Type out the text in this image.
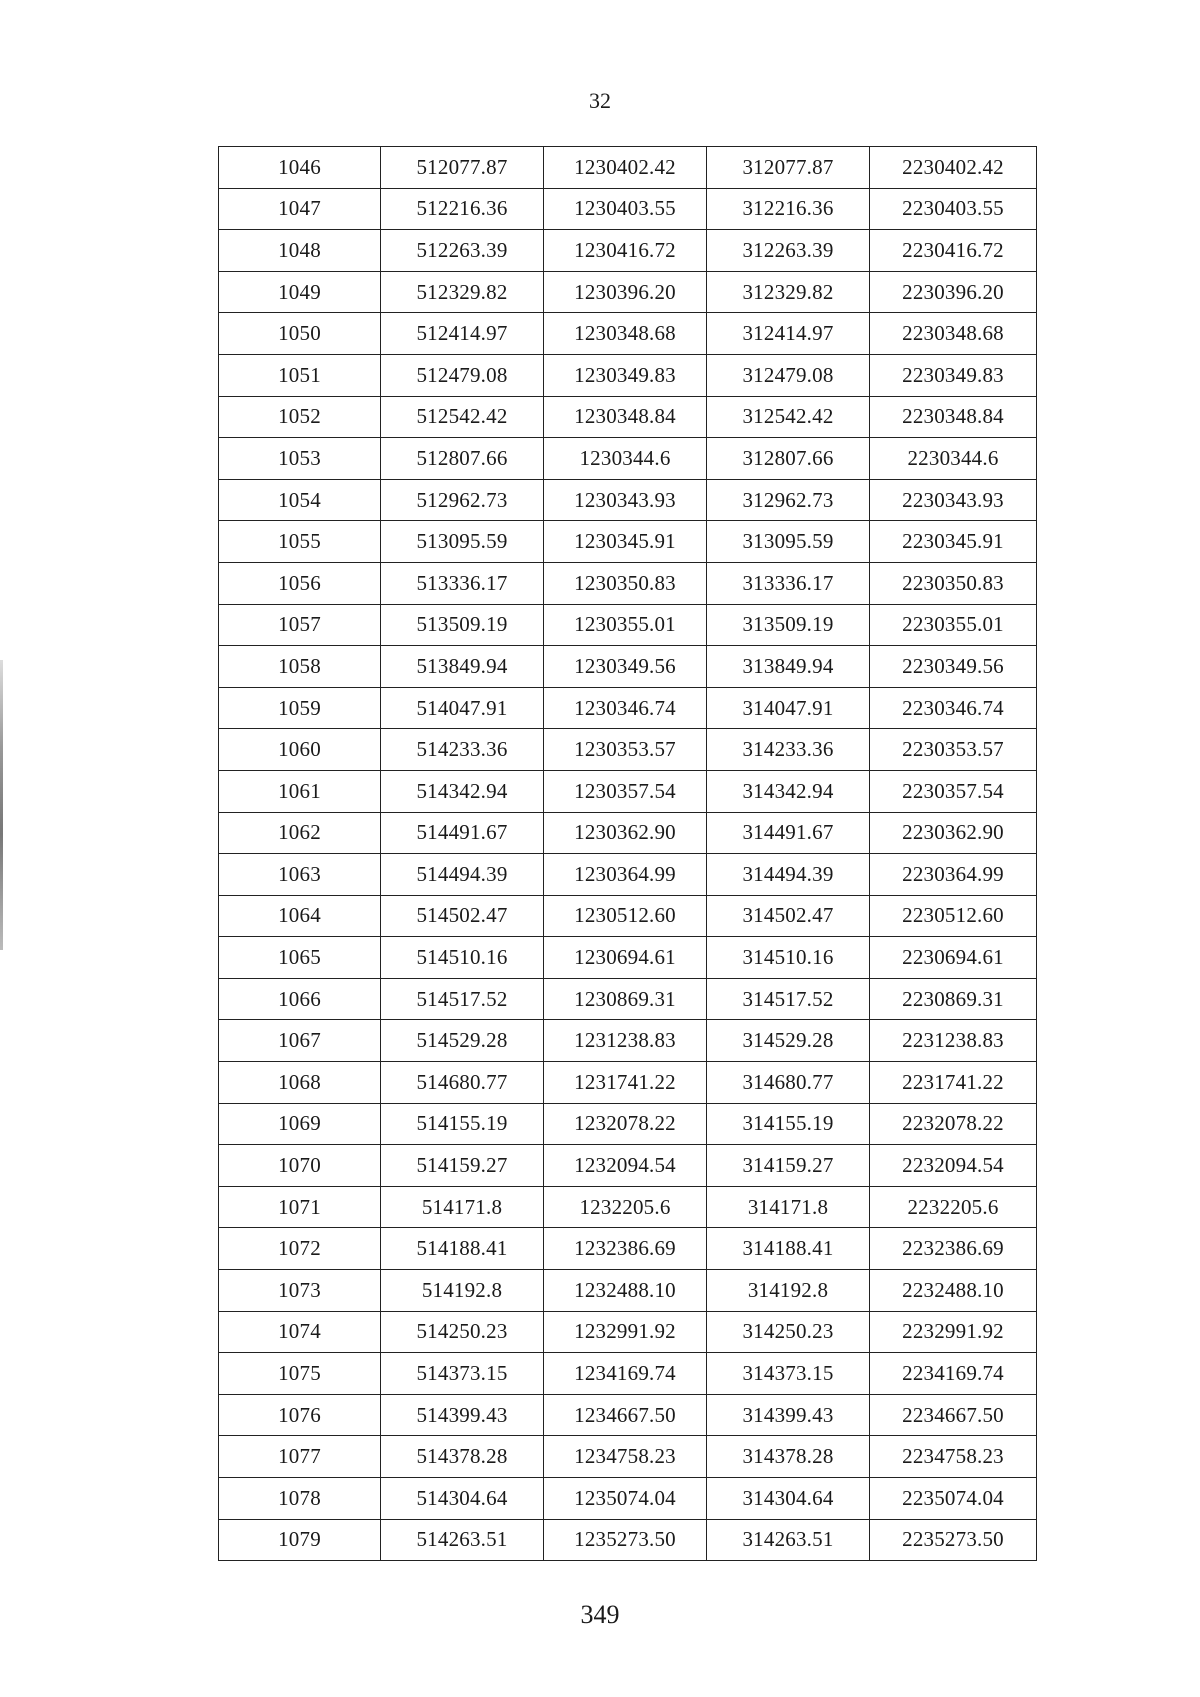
32
1046	512077.87	1230402.42	312077.87	2230402.42
1047	512216.36	1230403.55	312216.36	2230403.55
1048	512263.39	1230416.72	312263.39	2230416.72
1049	512329.82	1230396.20	312329.82	2230396.20
1050	512414.97	1230348.68	312414.97	2230348.68
1051	512479.08	1230349.83	312479.08	2230349.83
1052	512542.42	1230348.84	312542.42	2230348.84
1053	512807.66	1230344.6	312807.66	2230344.6
1054	512962.73	1230343.93	312962.73	2230343.93
1055	513095.59	1230345.91	313095.59	2230345.91
1056	513336.17	1230350.83	313336.17	2230350.83
1057	513509.19	1230355.01	313509.19	2230355.01
1058	513849.94	1230349.56	313849.94	2230349.56
1059	514047.91	1230346.74	314047.91	2230346.74
1060	514233.36	1230353.57	314233.36	2230353.57
1061	514342.94	1230357.54	314342.94	2230357.54
1062	514491.67	1230362.90	314491.67	2230362.90
1063	514494.39	1230364.99	314494.39	2230364.99
1064	514502.47	1230512.60	314502.47	2230512.60
1065	514510.16	1230694.61	314510.16	2230694.61
1066	514517.52	1230869.31	314517.52	2230869.31
1067	514529.28	1231238.83	314529.28	2231238.83
1068	514680.77	1231741.22	314680.77	2231741.22
1069	514155.19	1232078.22	314155.19	2232078.22
1070	514159.27	1232094.54	314159.27	2232094.54
1071	514171.8	1232205.6	314171.8	2232205.6
1072	514188.41	1232386.69	314188.41	2232386.69
1073	514192.8	1232488.10	314192.8	2232488.10
1074	514250.23	1232991.92	314250.23	2232991.92
1075	514373.15	1234169.74	314373.15	2234169.74
1076	514399.43	1234667.50	314399.43	2234667.50
1077	514378.28	1234758.23	314378.28	2234758.23
1078	514304.64	1235074.04	314304.64	2235074.04
1079	514263.51	1235273.50	314263.51	2235273.50
349
